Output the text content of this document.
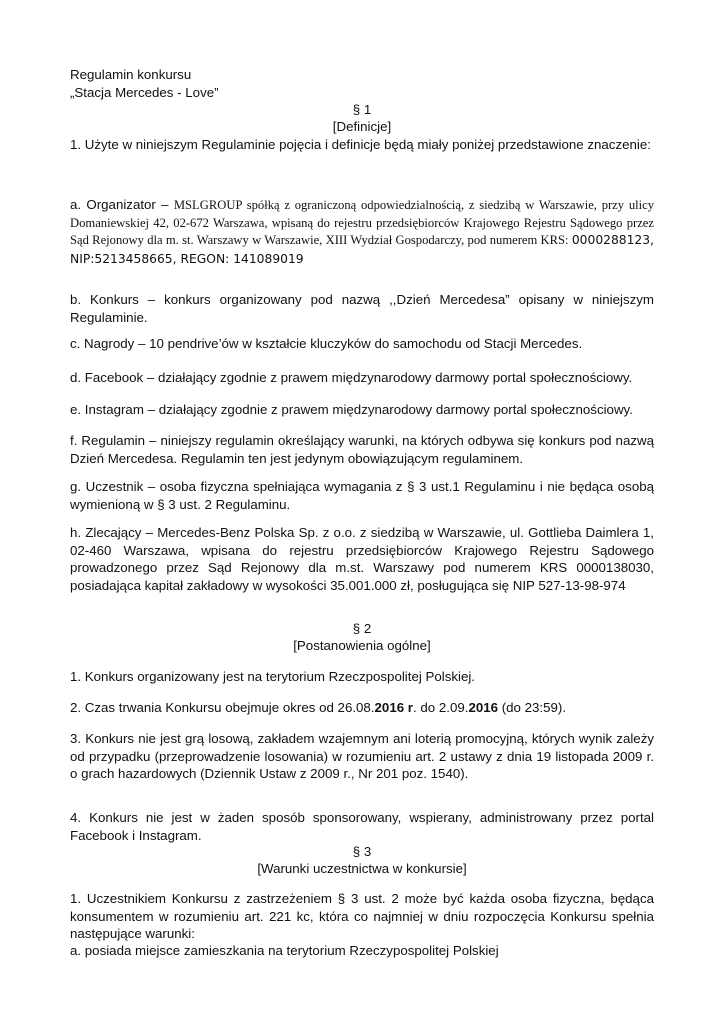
Regulamin konkursu

„Stacja Mercedes - Love”

§ 1

[Definicje]

1. Użyte w niniejszym Regulaminie pojęcia i definicje będą miały poniżej przedstawione znaczenie:

a. Organizator – MSLGROUP spółką z ograniczoną odpowiedzialnością, z siedzibą w Warszawie, przy ulicy Domaniewskiej 42, 02-672 Warszawa, wpisaną do rejestru przedsiębiorców Krajowego Rejestru Sądowego przez Sąd Rejonowy dla m. st. Warszawy w Warszawie, XIII Wydział Gospodarczy, pod numerem KRS: 0000288123, NIP:5213458665, REGON: 141089019

b. Konkurs – konkurs organizowany pod nazwą ,,Dzień Mercedesa” opisany w niniejszym Regulaminie.

c. Nagrody – 10 pendrive’ów w kształcie kluczyków do samochodu od Stacji Mercedes.

d. Facebook – działający zgodnie z prawem międzynarodowy darmowy portal społecznościowy.

e. Instagram – działający zgodnie z prawem międzynarodowy darmowy portal społecznościowy.

f. Regulamin – niniejszy regulamin określający warunki, na których odbywa się konkurs pod nazwą Dzień Mercedesa. Regulamin ten jest jedynym obowiązującym regulaminem.

g. Uczestnik – osoba fizyczna spełniająca wymagania z § 3 ust.1 Regulaminu i nie będąca osobą wymienioną w § 3 ust. 2 Regulaminu.

h. Zlecający – Mercedes-Benz Polska Sp. z o.o. z siedzibą w Warszawie, ul. Gottlieba Daimlera 1, 02-460 Warszawa, wpisana do rejestru przedsiębiorców Krajowego Rejestru Sądowego prowadzonego przez Sąd Rejonowy dla m.st. Warszawy pod numerem KRS 0000138030, posiadająca kapitał zakładowy w wysokości 35.001.000 zł, posługująca się NIP 527-13-98-974

§ 2

[Postanowienia ogólne]

1. Konkurs organizowany jest na terytorium Rzeczpospolitej Polskiej.

2. Czas trwania Konkursu obejmuje okres od 26.08.2016 r. do 2.09.2016 (do 23:59).

3. Konkurs nie jest grą losową, zakładem wzajemnym ani loterią promocyjną, których wynik zależy od przypadku (przeprowadzenie losowania) w rozumieniu art. 2 ustawy z dnia 19 listopada 2009 r. o grach hazardowych (Dziennik Ustaw z 2009 r., Nr 201 poz. 1540).

4. Konkurs nie jest w żaden sposób sponsorowany, wspierany, administrowany przez portal Facebook i Instagram.

§ 3

[Warunki uczestnictwa w konkursie]

1. Uczestnikiem Konkursu z zastrzeżeniem § 3 ust. 2 może być każda osoba fizyczna, będąca konsumentem w rozumieniu art. 221 kc, która co najmniej w dniu rozpoczęcia Konkursu spełnia następujące warunki:

a. posiada miejsce zamieszkania na terytorium Rzeczypospolitej Polskiej
